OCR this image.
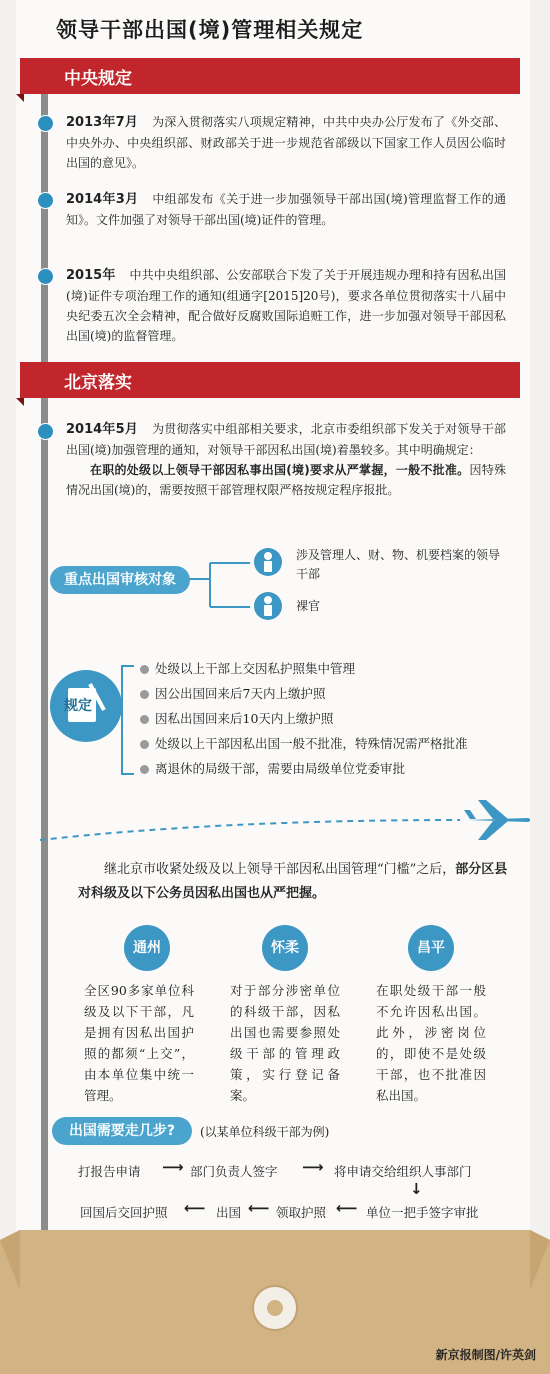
领导干部出国(境)管理相关规定
中央规定
2013年7月 为深入贯彻落实八项规定精神，中共中央办公厅发布了《外交部、中央外办、中央组织部、财政部关于进一步规范省部级以下国家工作人员因公临时出国的意见》。
2014年3月 中组部发布《关于进一步加强领导干部出国(境)管理监督工作的通知》。文件加强了对领导干部出国(境)证件的管理。
2015年 中共中央组织部、公安部联合下发了关于开展违规办理和持有因私出国(境)证件专项治理工作的通知(组通字[2015]20号)，要求各单位贯彻落实十八届中央纪委五次全会精神，配合做好反腐败国际追赃工作，进一步加强对领导干部因私出国(境)的监督管理。
北京落实
2014年5月 为贯彻落实中组部相关要求，北京市委组织部下发关于对领导干部出国(境)加强管理的通知，对领导干部因私出国(境)着墨较多。其中明确规定：
在职的处级以上领导干部因私事出国(境)要求从严掌握，一般不批准。因特殊情况出国(境)的，需要按照干部管理权限严格按规定程序报批。
重点出国审核对象
涉及管理人、财、物、机要档案的领导干部
裸官
规定
处级以上干部上交因私护照集中管理
因公出国回来后7天内上缴护照
因私出国回来后10天内上缴护照
处级以上干部因私出国一般不批准，特殊情况需严格批准
离退休的局级干部，需要由局级单位党委审批
继北京市收紧处级及以上领导干部因私出国管理“门槛”之后，部分区县对科级及以下公务员因私出国也从严把握。
通州
全区90多家单位科级及以下干部，凡是拥有因私出国护照的都须“上交”，由本单位集中统一管理。
怀柔
对于部分涉密单位的科级干部，因私出国也需要参照处级干部的管理政策，实行登记备案。
昌平
在职处级干部一般不允许因私出国。此外，涉密岗位的，即使不是处级干部，也不批准因私出国。
出国需要走几步?	(以某单位科级干部为例)
打报告申请 ⟶ 部门负责人签字 ⟶ 将申请交给组织人事部门
↓
回国后交回护照 ⟵ 出国 ⟵ 领取护照 ⟵ 单位一把手签字审批
新京报制图/许英剑
